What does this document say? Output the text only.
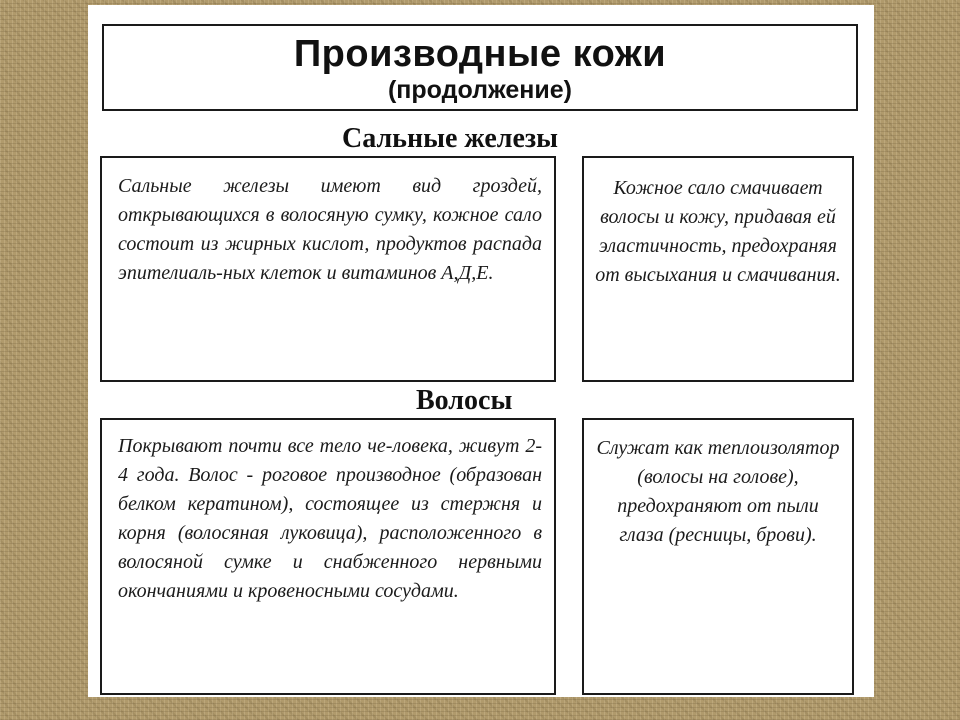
Производные кожи
(продолжение)
Сальные железы

Сальные железы имеют вид гроздей, открывающихся в волосяную сумку, кожное сало состоит из жирных кислот, продуктов распада эпителиаль-ных клеток и витаминов А,Д,Е.

Кожное сало смачивает волосы и кожу, придавая ей эластичность, предохраняя от высыхания и смачивания.

Волосы

Покрывают почти все тело че-ловека, живут 2-4 года. Волос - роговое производное (образован белком кератином), состоящее из стержня и корня (волосяная луковица), расположенного в волосяной сумке и снабженного нервными окончаниями и кровеносными сосудами.

Служат как теплоизолятор (волосы на голове), предохраняют от пыли глаза (ресницы, брови).
